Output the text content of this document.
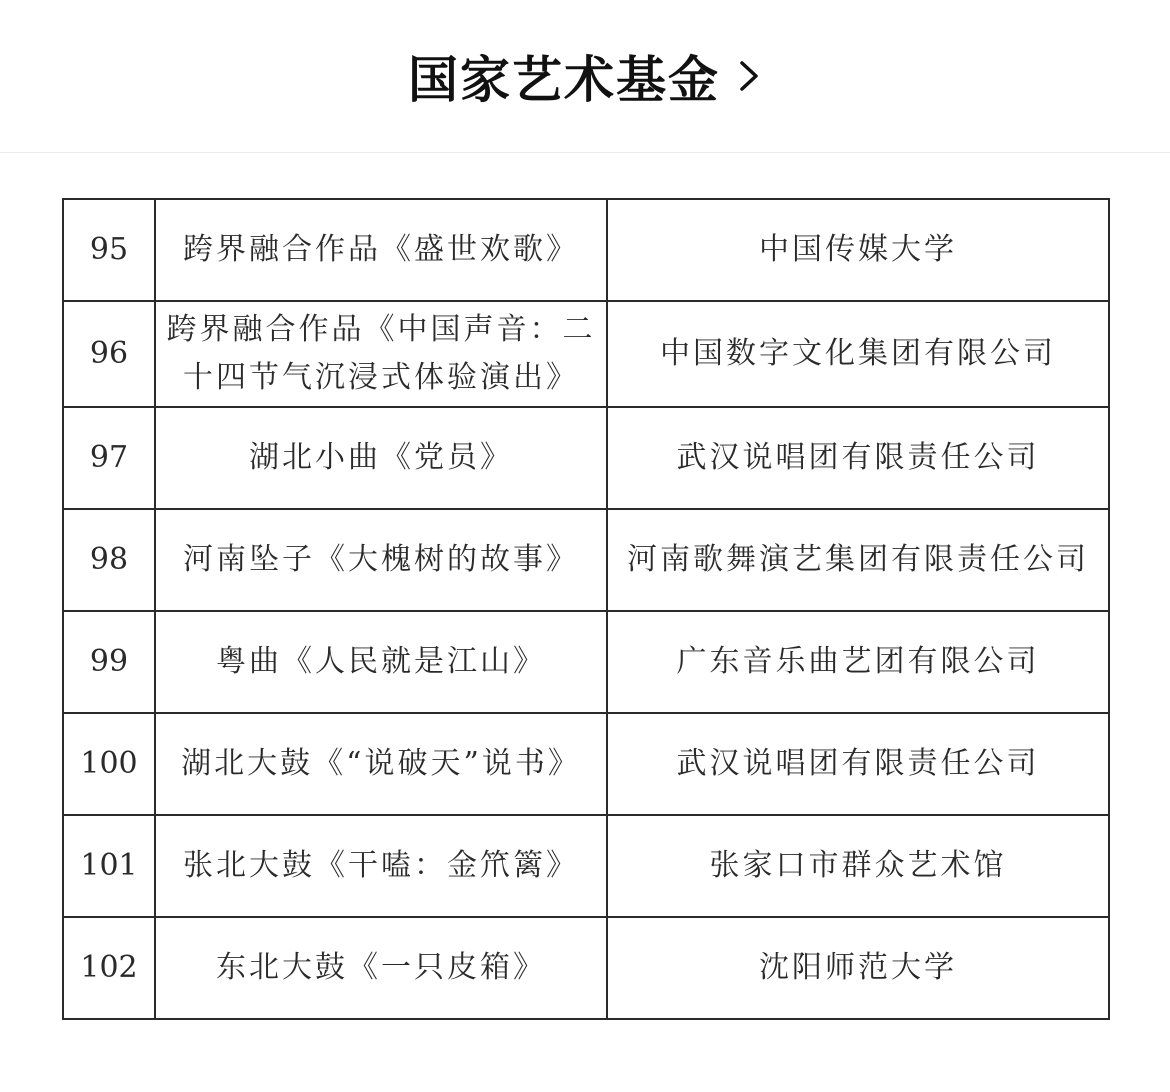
国家艺术基金
95	跨界融合作品《盛世欢歌》	中国传媒大学
96	跨界融合作品《中国声音：二十四节气沉浸式体验演出》	中国数字文化集团有限公司
97	湖北小曲《党员》	武汉说唱团有限责任公司
98	河南坠子《大槐树的故事》	河南歌舞演艺集团有限责任公司
99	粤曲《人民就是江山》	广东音乐曲艺团有限公司
100	湖北大鼓《“说破天”说书》	武汉说唱团有限责任公司
101	张北大鼓《干嗑：金笊篱》	张家口市群众艺术馆
102	东北大鼓《一只皮箱》	沈阳师范大学
